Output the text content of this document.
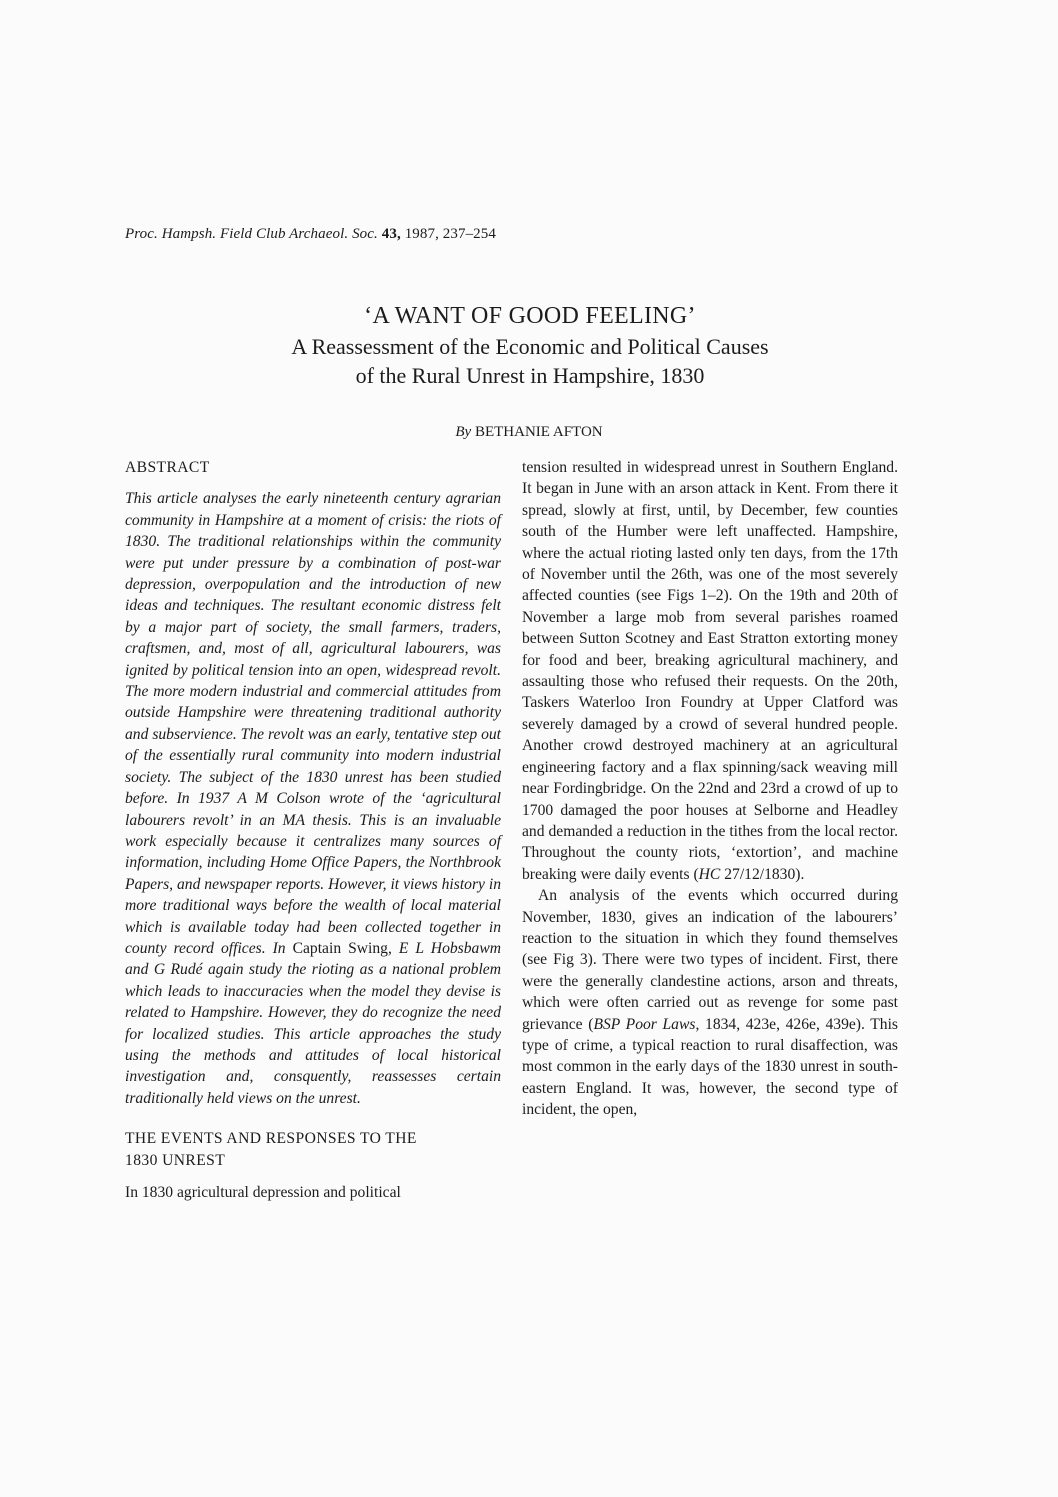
Proc. Hampsh. Field Club Archaeol. Soc. 43, 1987, 237–254
‘A WANT OF GOOD FEELING’
A Reassessment of the Economic and Political Causes
of the Rural Unrest in Hampshire, 1830
By BETHANIE AFTON
ABSTRACT

This article analyses the early nineteenth century agrarian community in Hampshire at a moment of crisis: the riots of 1830. The traditional relationships within the community were put under pressure by a combination of post-war depression, overpopulation and the introduction of new ideas and techniques. The resultant economic distress felt by a major part of society, the small farmers, traders, craftsmen, and, most of all, agricultural labourers, was ignited by political tension into an open, widespread revolt. The more modern industrial and commercial attitudes from outside Hampshire were threatening traditional authority and subservience. The revolt was an early, tentative step out of the essentially rural community into modern industrial society. The subject of the 1830 unrest has been studied before. In 1937 A M Colson wrote of the ‘agricultural labourers revolt’ in an MA thesis. This is an invaluable work especially because it centralizes many sources of information, including Home Office Papers, the Northbrook Papers, and newspaper reports. However, it views history in more traditional ways before the wealth of local material which is available today had been collected together in county record offices. In Captain Swing, E L Hobsbawm and G Rudé again study the rioting as a national problem which leads to inaccuracies when the model they devise is related to Hampshire. However, they do recognize the need for localized studies. This article approaches the study using the methods and attitudes of local historical investigation and, consquently, reassesses certain traditionally held views on the unrest.

THE EVENTS AND RESPONSES TO THE
1830 UNREST

In 1830 agricultural depression and political

tension resulted in widespread unrest in Southern England. It began in June with an arson attack in Kent. From there it spread, slowly at first, until, by December, few counties south of the Humber were left unaffected. Hampshire, where the actual rioting lasted only ten days, from the 17th of November until the 26th, was one of the most severely affected counties (see Figs 1–2). On the 19th and 20th of November a large mob from several parishes roamed between Sutton Scotney and East Stratton extorting money for food and beer, breaking agricultural machinery, and assaulting those who refused their requests. On the 20th, Taskers Waterloo Iron Foundry at Upper Clatford was severely damaged by a crowd of several hundred people. Another crowd destroyed machinery at an agricultural engineering factory and a flax spinning/sack weaving mill near Fordingbridge. On the 22nd and 23rd a crowd of up to 1700 damaged the poor houses at Selborne and Headley and demanded a reduction in the tithes from the local rector. Throughout the county riots, ‘extortion’, and machine breaking were daily events (HC 27/12/1830).

An analysis of the events which occurred during November, 1830, gives an indication of the labourers’ reaction to the situation in which they found themselves (see Fig 3). There were two types of incident. First, there were the generally clandestine actions, arson and threats, which were often carried out as revenge for some past grievance (BSP Poor Laws, 1834, 423e, 426e, 439e). This type of crime, a typical reaction to rural disaffection, was most common in the early days of the 1830 unrest in south-eastern England. It was, however, the second type of incident, the open,
